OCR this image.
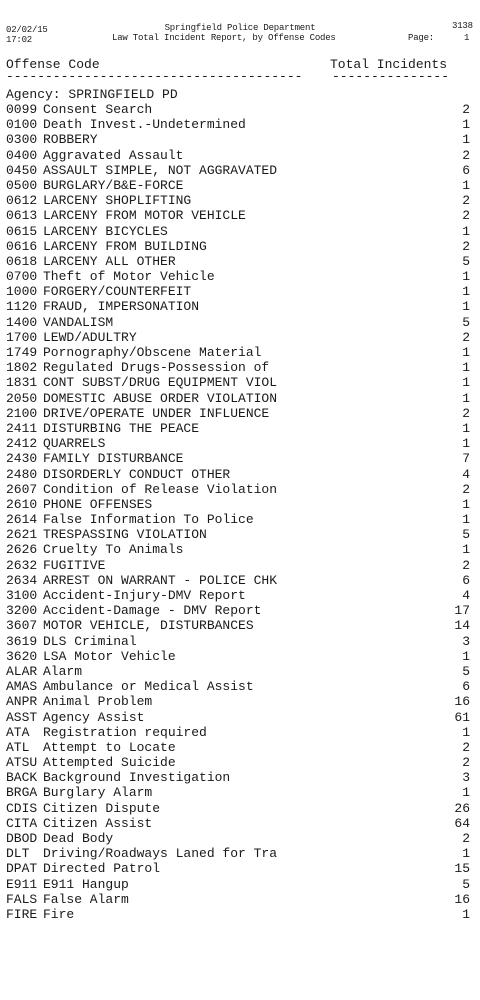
02/02/15
17:02
Springfield Police Department
Law Total Incident Report, by Offense Codes	Page:	1
3138
Offense Code	Total Incidents
--------------------------------------	---------------
Agency: SPRINGFIELD PD
0099 Consent Search	2
0100 Death Invest.-Undetermined	1
0300 ROBBERY	1
0400 Aggravated Assault	2
0450 ASSAULT SIMPLE, NOT AGGRAVATED	6
0500 BURGLARY/B&E-FORCE	1
0612 LARCENY SHOPLIFTING	2
0613 LARCENY FROM MOTOR VEHICLE	2
0615 LARCENY BICYCLES	1
0616 LARCENY FROM BUILDING	2
0618 LARCENY ALL OTHER	5
0700 Theft of Motor Vehicle	1
1000 FORGERY/COUNTERFEIT	1
1120 FRAUD, IMPERSONATION	1
1400 VANDALISM	5
1700 LEWD/ADULTRY	2
1749 Pornography/Obscene Material	1
1802 Regulated Drugs-Possession of	1
1831 CONT SUBST/DRUG EQUIPMENT VIOL	1
2050 DOMESTIC ABUSE ORDER VIOLATION	1
2100 DRIVE/OPERATE UNDER INFLUENCE	2
2411 DISTURBING THE PEACE	1
2412 QUARRELS	1
2430 FAMILY DISTURBANCE	7
2480 DISORDERLY CONDUCT OTHER	4
2607 Condition of Release Violation	2
2610 PHONE OFFENSES	1
2614 False Information To Police	1
2621 TRESPASSING VIOLATION	5
2626 Cruelty To Animals	1
2632 FUGITIVE	2
2634 ARREST ON WARRANT - POLICE CHK	6
3100 Accident-Injury-DMV Report	4
3200 Accident-Damage - DMV Report	17
3607 MOTOR VEHICLE, DISTURBANCES	14
3619 DLS Criminal	3
3620 LSA Motor Vehicle	1
ALAR Alarm	5
AMAS Ambulance or Medical Assist	6
ANPR Animal Problem	16
ASST Agency Assist	61
ATA Registration required	1
ATL Attempt to Locate	2
ATSU Attempted Suicide	2
BACK Background Investigation	3
BRGA Burglary Alarm	1
CDIS Citizen Dispute	26
CITA Citizen Assist	64
DBOD Dead Body	2
DLT Driving/Roadways Laned for Tra	1
DPAT Directed Patrol	15
E911 E911 Hangup	5
FALS False Alarm	16
FIRE Fire	1
